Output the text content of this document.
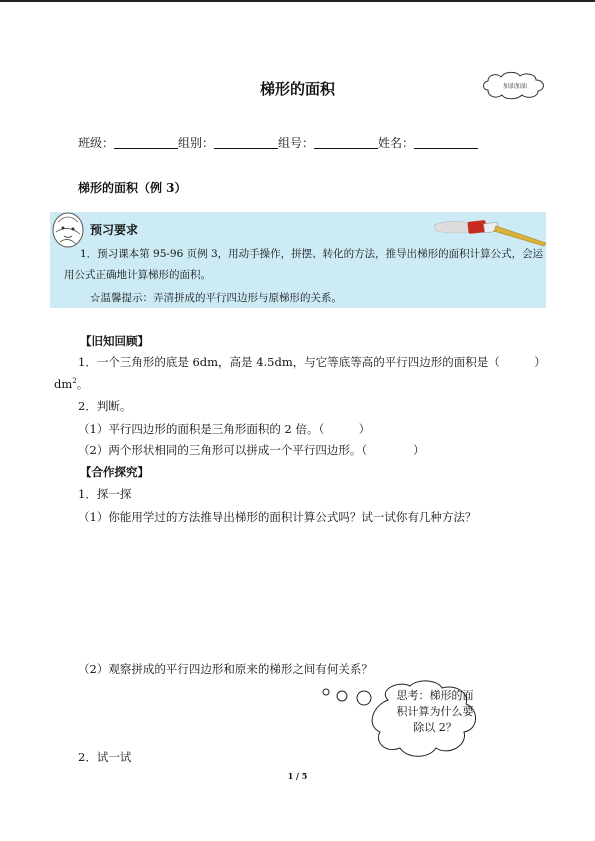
梯形的面积	加油加油
班级：	组别：	组号：	姓名：
梯形的面积（例 3）
预习要求
1．预习课本第 95-96 页例 3，用动手操作，拼摆、转化的方法，推导出梯形的面积计算公式，会运
用公式正确地计算梯形的面积。
☆温馨提示：弄清拼成的平行四边形与原梯形的关系。
【旧知回顾】
1．一个三角形的底是 6dm，高是 4.5dm，与它等底等高的平行四边形的面积是（　　　）
$dm^2$。
2．判断。
（1）平行四边形的面积是三角形面积的 2 倍。（　　　）
（2）两个形状相同的三角形可以拼成一个平行四边形。（　　　　）
【合作探究】
1．探一探
（1）你能用学过的方法推导出梯形的面积计算公式吗？试一试你有几种方法？
（2）观察拼成的平行四边形和原来的梯形之间有何关系？
思考：梯形的面积计算为什么要除以 2？
2．试一试
1 / 5
